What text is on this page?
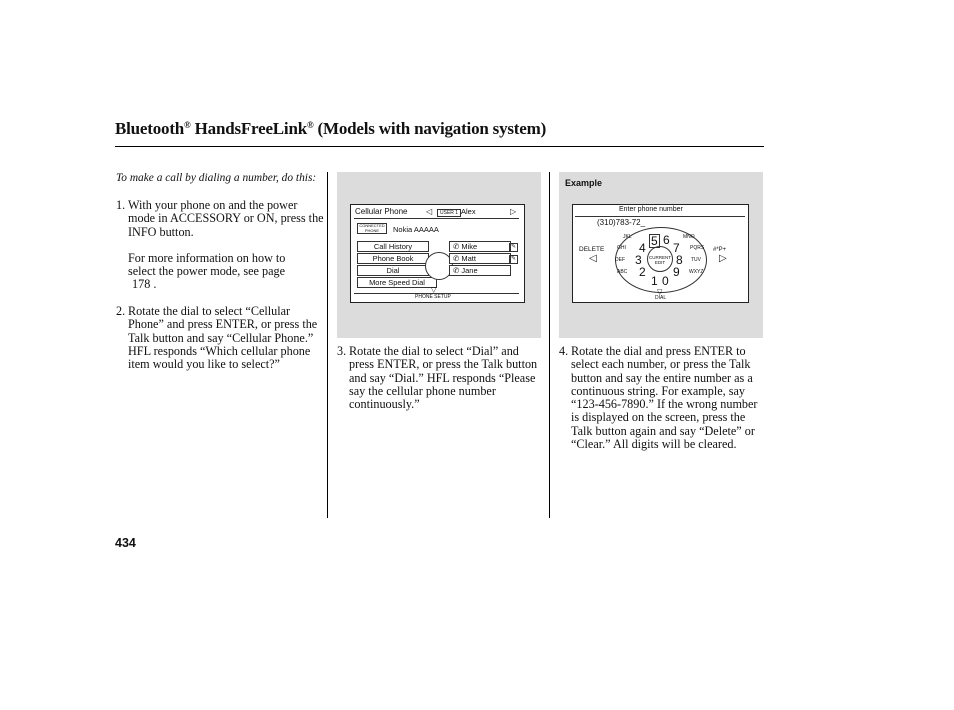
Bluetooth® HandsFreeLink® (Models with navigation system)
To make a call by dialing a number, do this:
1. With your phone on and the power mode in ACCESSORY or ON, press the INFO button.
For more information on how to select the power mode, see page
178 .
2. Rotate the dial to select “Cellular Phone” and press ENTER, or press the Talk button and say “Cellular Phone.” HFL responds “Which cellular phone item would you like to select?”
Cellular Phone ◁	USER 1 Alex	▷
CONNECTED PHONE	Nokia AAAAA
Call History
Phone Book
Dial
More Speed Dial
✆ Mike
✆ Matt
✆ Jane
✎
✎
▽
PHONE SETUP
Example
Enter phone number
(310)783-72_
DELETE
◁	CURRENT EDIT
5 6
4 7
3	8
2 9
1 0
JKL	MNO
GHI	PQRS
DEF	TUV
ABC	WXYZ
#*P+
▷
▽
DIAL
3. Rotate the dial to select “Dial” and press ENTER, or press the Talk button and say “Dial.” HFL responds “Please say the cellular phone number continuously.”
4. Rotate the dial and press ENTER to select each number, or press the Talk button and say the entire number as a continuous string. For example, say “123-456-7890.” If the wrong number is displayed on the screen, press the Talk button again and say “Delete” or “Clear.” All digits will be cleared.
434
